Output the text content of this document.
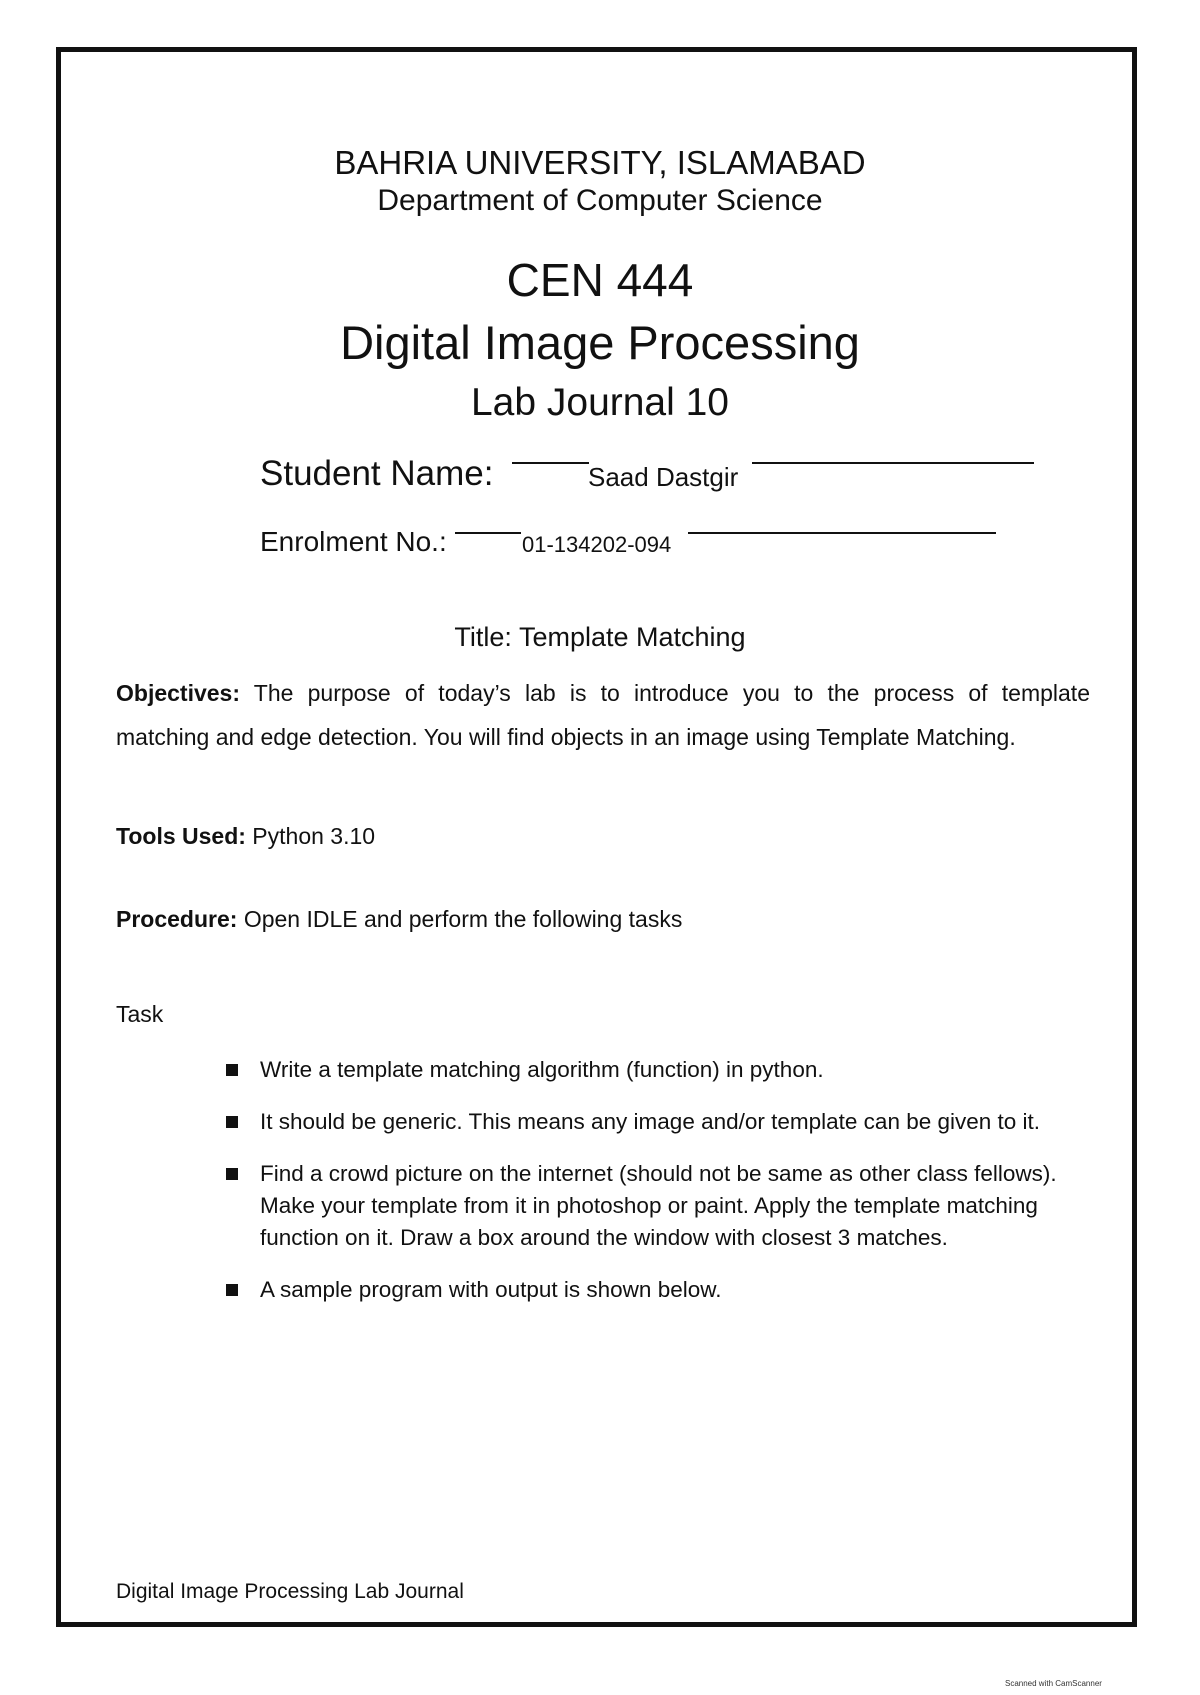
BAHRIA UNIVERSITY, ISLAMABAD
Department of Computer Science
CEN 444
Digital Image Processing
Lab Journal 10
Student Name:	Saad Dastgir
Enrolment No.:	01-134202-094
Title: Template Matching
Objectives: The purpose of today’s lab is to introduce you to the process of template
matching and edge detection. You will find objects in an image using Template Matching.
Tools Used: Python 3.10
Procedure: Open IDLE and perform the following tasks
Task
Write a template matching algorithm (function) in python.
It should be generic. This means any image and/or template can be given to it.
Find a crowd picture on the internet (should not be same as other class fellows). Make your template from it in photoshop or paint. Apply the template matching function on it. Draw a box around the window with closest 3 matches.
A sample program with output is shown below.
Digital Image Processing Lab Journal
Scanned with CamScanner
